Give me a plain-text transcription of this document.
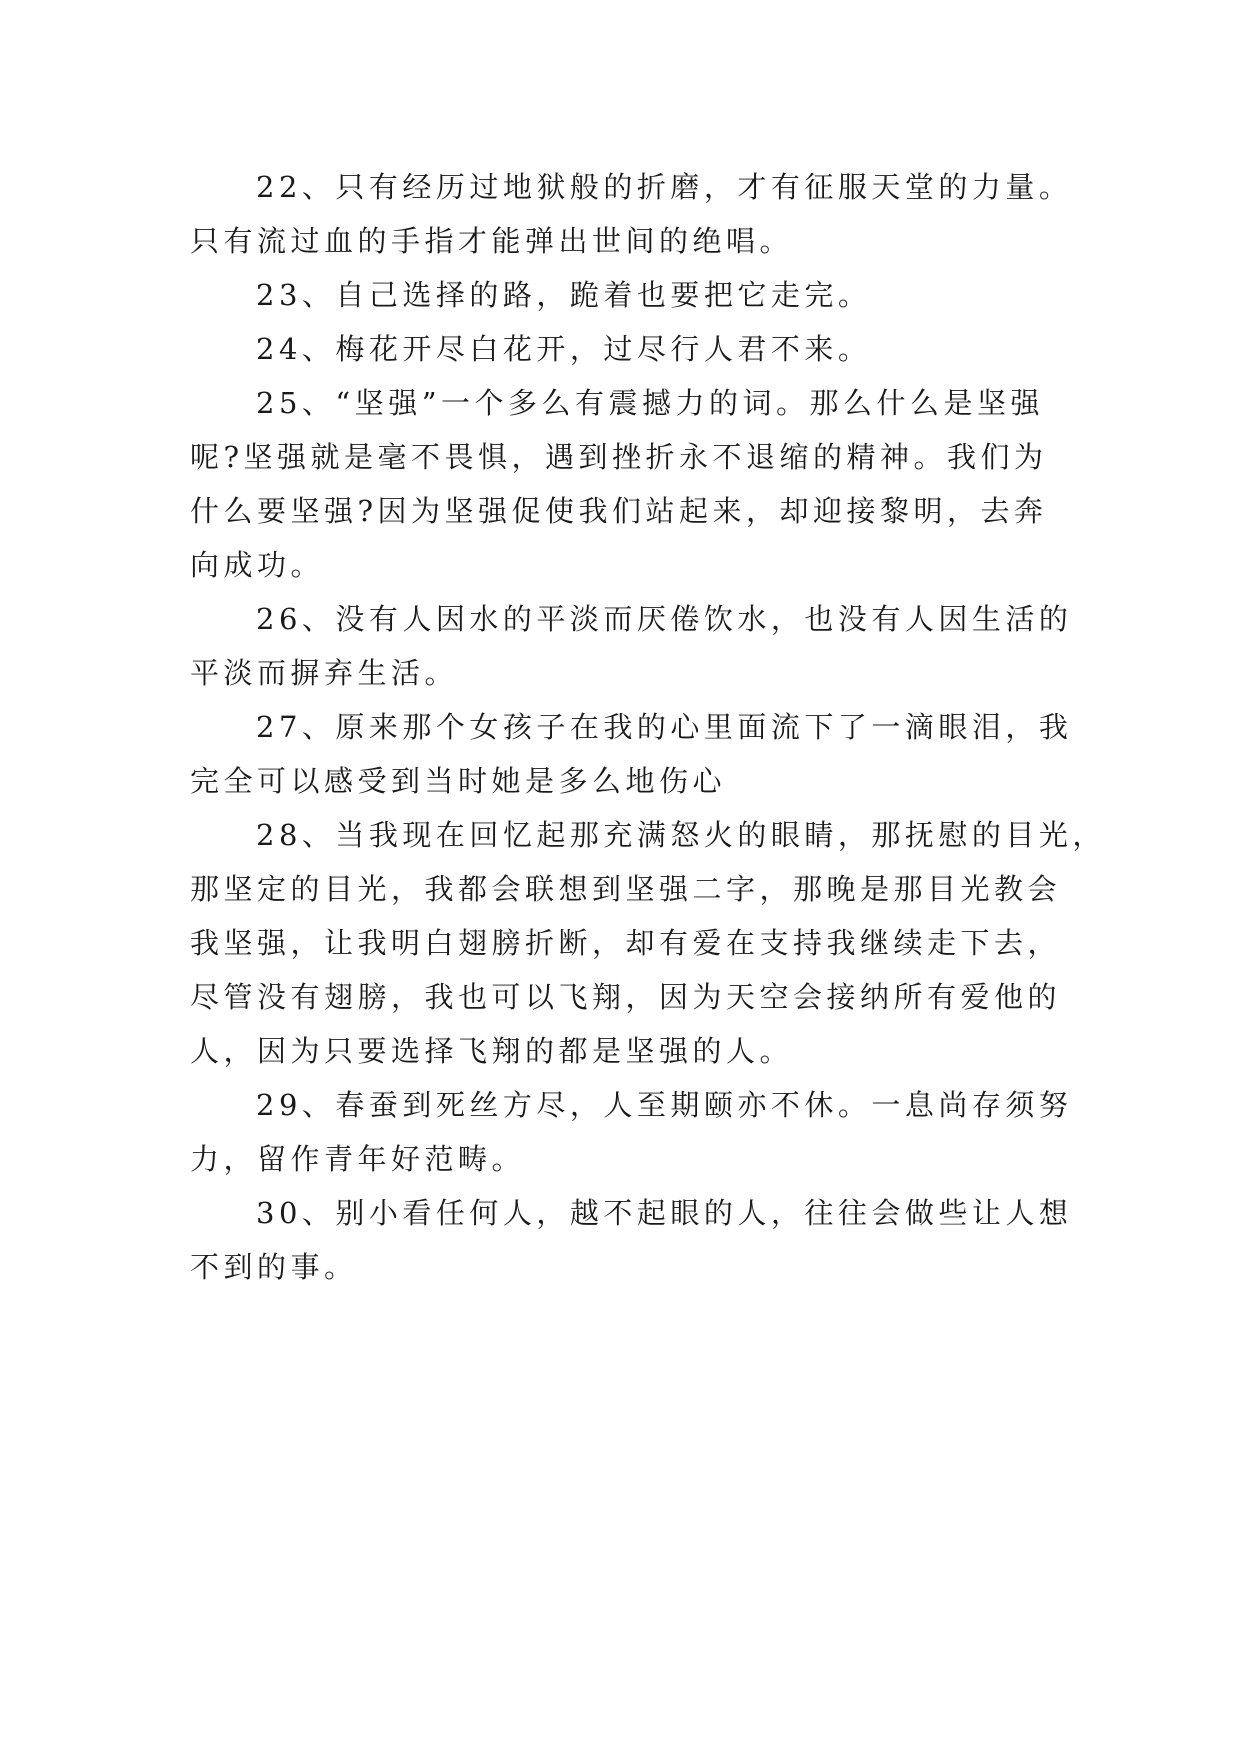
22、只有经历过地狱般的折磨，才有征服天堂的力量。
只有流过血的手指才能弹出世间的绝唱。
23、自己选择的路，跪着也要把它走完。
24、梅花开尽白花开，过尽行人君不来。
25、“坚强”一个多么有震撼力的词。那么什么是坚强
呢?坚强就是毫不畏惧，遇到挫折永不退缩的精神。我们为
什么要坚强?因为坚强促使我们站起来，却迎接黎明，去奔
向成功。
26、没有人因水的平淡而厌倦饮水，也没有人因生活的
平淡而摒弃生活。
27、原来那个女孩子在我的心里面流下了一滴眼泪，我
完全可以感受到当时她是多么地伤心
28、当我现在回忆起那充满怒火的眼睛，那抚慰的目光，
那坚定的目光，我都会联想到坚强二字，那晚是那目光教会
我坚强，让我明白翅膀折断，却有爱在支持我继续走下去，
尽管没有翅膀，我也可以飞翔，因为天空会接纳所有爱他的
人，因为只要选择飞翔的都是坚强的人。
29、春蚕到死丝方尽，人至期颐亦不休。一息尚存须努
力，留作青年好范畴。
30、别小看任何人，越不起眼的人，往往会做些让人想
不到的事。
